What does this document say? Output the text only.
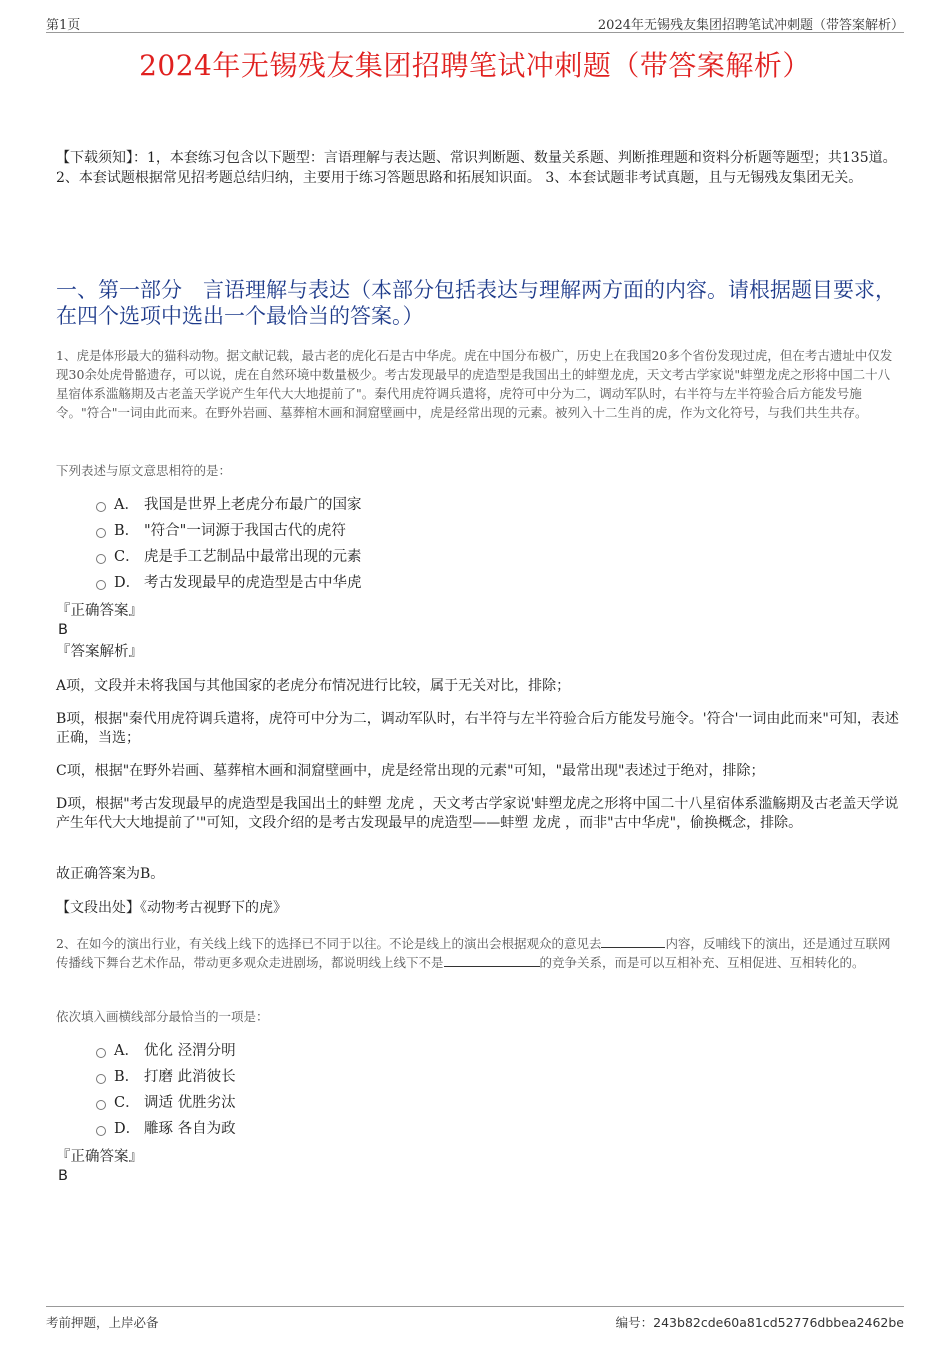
第1页	2024年无锡残友集团招聘笔试冲刺题（带答案解析）
2024年无锡残友集团招聘笔试冲刺题（带答案解析）
【下载须知】：1，本套练习包含以下题型：言语理解与表达题、常识判断题、数量关系题、判断推理题和资料分析题等题型；共135道。 2、本套试题根据常见招考题总结归纳，主要用于练习答题思路和拓展知识面。 3、本套试题非考试真题，且与无锡残友集团无关。
一、第一部分　言语理解与表达（本部分包括表达与理解两方面的内容。请根据题目要求，在四个选项中选出一个最恰当的答案。）
1、虎是体形最大的猫科动物。据文献记载，最古老的虎化石是古中华虎。虎在中国分布极广，历史上在我国20多个省份发现过虎，但在考古遗址中仅发现30余处虎骨骼遗存，可以说，虎在自然环境中数量极少。考古发现最早的虎造型是我国出土的蚌塑龙虎，天文考古学家说"蚌塑龙虎之形将中国二十八星宿体系滥觞期及古老盖天学说产生年代大大地提前了"。秦代用虎符调兵遣将，虎符可中分为二，调动军队时，右半符与左半符验合后方能发号施令。"符合"一词由此而来。在野外岩画、墓葬棺木画和洞窟壁画中，虎是经常出现的元素。被列入十二生肖的虎，作为文化符号，与我们共生共存。
下列表述与原文意思相符的是：
A． 我国是世界上老虎分布最广的国家
B． "符合"一词源于我国古代的虎符
C． 虎是手工艺制品中最常出现的元素
D． 考古发现最早的虎造型是古中华虎
『正确答案』
B
『答案解析』
A项，文段并未将我国与其他国家的老虎分布情况进行比较，属于无关对比，排除；
B项，根据"秦代用虎符调兵遣将，虎符可中分为二，调动军队时，右半符与左半符验合后方能发号施令。'符合'一词由此而来"可知，表述正确，当选；
C项，根据"在野外岩画、墓葬棺木画和洞窟壁画中，虎是经常出现的元素"可知，"最常出现"表述过于绝对，排除；
D项，根据"考古发现最早的虎造型是我国出土的蚌塑 龙虎 ，天文考古学家说'蚌塑龙虎之形将中国二十八星宿体系滥觞期及古老盖天学说产生年代大大地提前了'"可知，文段介绍的是考古发现最早的虎造型——蚌塑 龙虎 ，而非"古中华虎"，偷换概念，排除。
故正确答案为B。
【文段出处】《动物考古视野下的虎》
2、在如今的演出行业，有关线上线下的选择已不同于以往。不论是线上的演出会根据观众的意见去	内容，反哺线下的演出，还是通过互联网传播线下舞台艺术作品，带动更多观众走进剧场，都说明线上线下不是	的竞争关系，而是可以互相补充、互相促进、互相转化的。
依次填入画横线部分最恰当的一项是：
A． 优化 泾渭分明
B． 打磨 此消彼长
C． 调适 优胜劣汰
D． 雕琢 各自为政
『正确答案』
B
考前押题，上岸必备	编号：243b82cde60a81cd52776dbbea2462be
